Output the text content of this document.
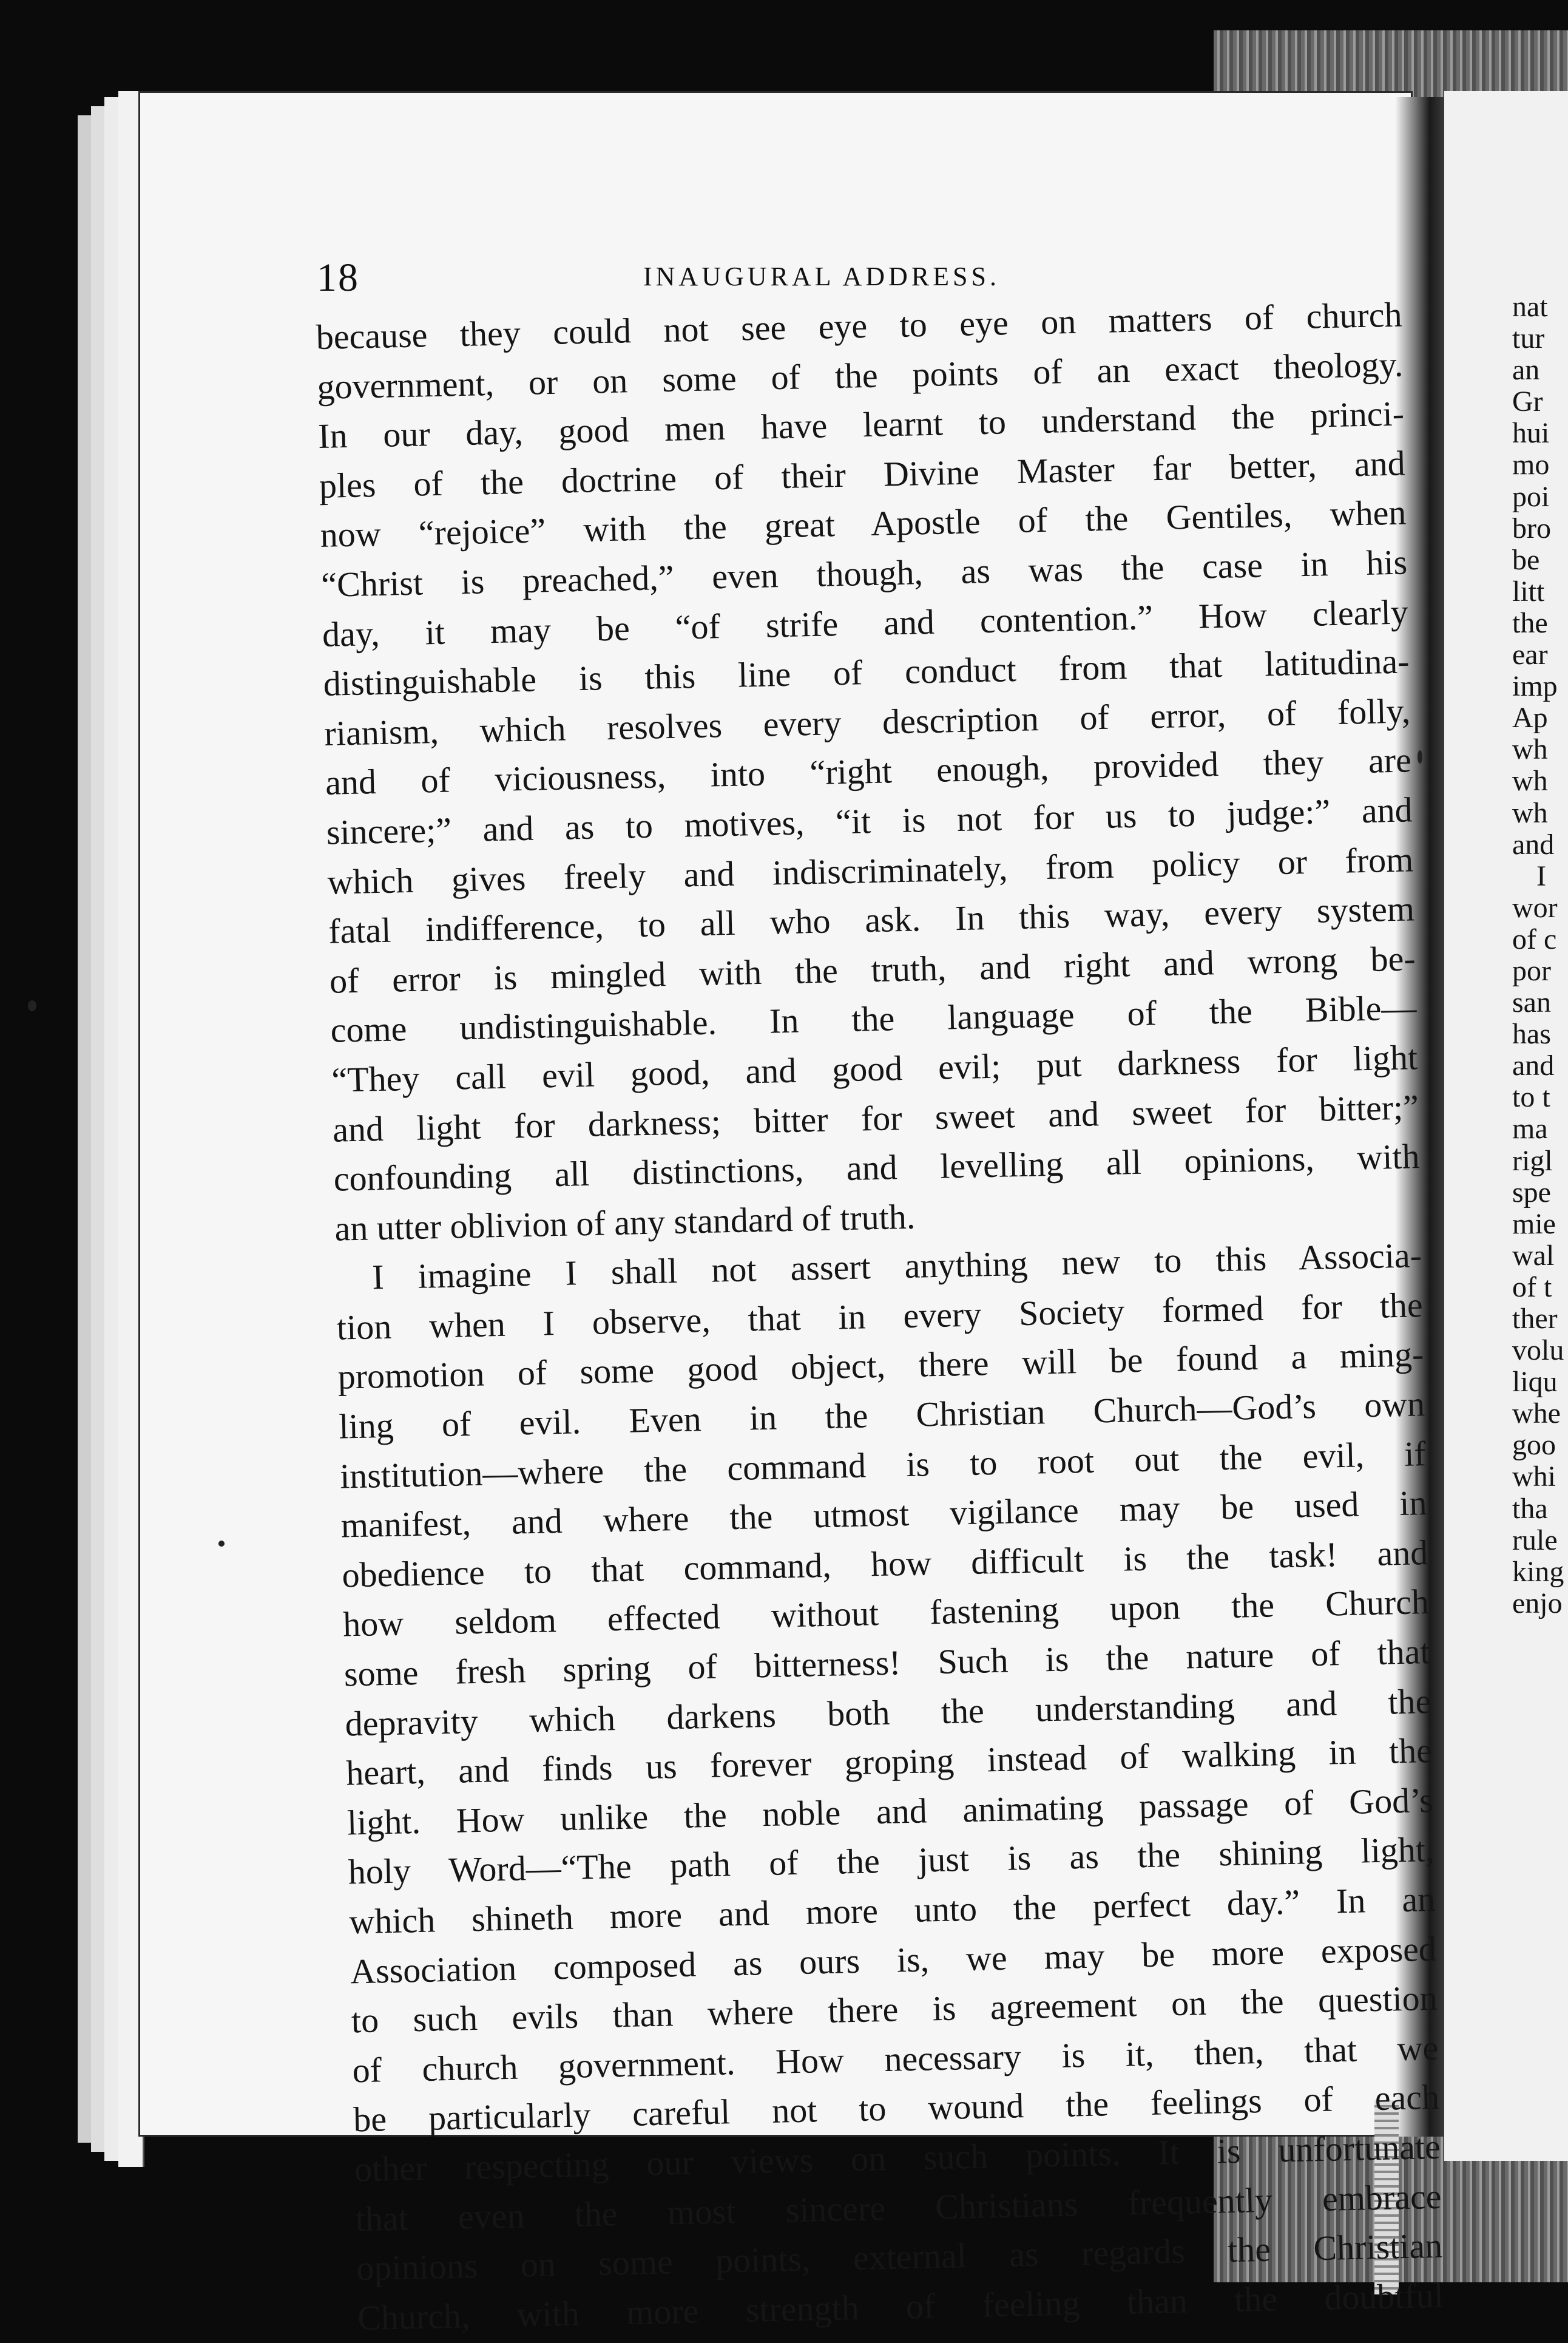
18	INAUGURAL ADDRESS.
because they could not see eye to eye on matters of church
government, or on some of the points of an exact theology.
In our day, good men have learnt to understand the princi-
ples of the doctrine of their Divine Master far better, and
now “rejoice” with the great Apostle of the Gentiles, when
“Christ is preached,” even though, as was the case in his
day, it may be “of strife and contention.” How clearly
distinguishable is this line of conduct from that latitudina-
rianism, which resolves every description of error, of folly,
and of viciousness, into “right enough, provided they are
sincere;” and as to motives, “it is not for us to judge:” and
which gives freely and indiscriminately, from policy or from
fatal indifference, to all who ask. In this way, every system
of error is mingled with the truth, and right and wrong be-
come undistinguishable. In the language of the Bible—
“They call evil good, and good evil; put darkness for light
and light for darkness; bitter for sweet and sweet for bitter;”
confounding all distinctions, and levelling all opinions, with
an utter oblivion of any standard of truth.
I imagine I shall not assert anything new to this Associa-
tion when I observe, that in every Society formed for the
promotion of some good object, there will be found a ming-
ling of evil. Even in the Christian Church—God’s own
institution—where the command is to root out the evil, if
manifest, and where the utmost vigilance may be used in
obedience to that command, how difficult is the task! and
how seldom effected without fastening upon the Church
some fresh spring of bitterness! Such is the nature of that
depravity which darkens both the understanding and the
heart, and finds us forever groping instead of walking in the
light. How unlike the noble and animating passage of God’s
holy Word—“The path of the just is as the shining light,
which shineth more and more unto the perfect day.” In an
Association composed as ours is, we may be more exposed
to such evils than where there is agreement on the question
of church government. How necessary is it, then, that we
be particularly careful not to wound the feelings of each
other respecting our views on such points. It is unfortunate
that even the most sincere Christians frequently embrace
opinions on some points, external as regards the Christian
Church, with more strength of feeling than the doubtful
nat
tur
an
Gr
hui
mo
poi
bro
be
litt
the
ear
imp
Ap
wh
wh
wh
and
I
wor
of c
por
san
has
and
to t
ma
rigl
spe
mie
wal
of t
ther
volu
liqu
whe
goo
whi
tha
rule
king
enjo
